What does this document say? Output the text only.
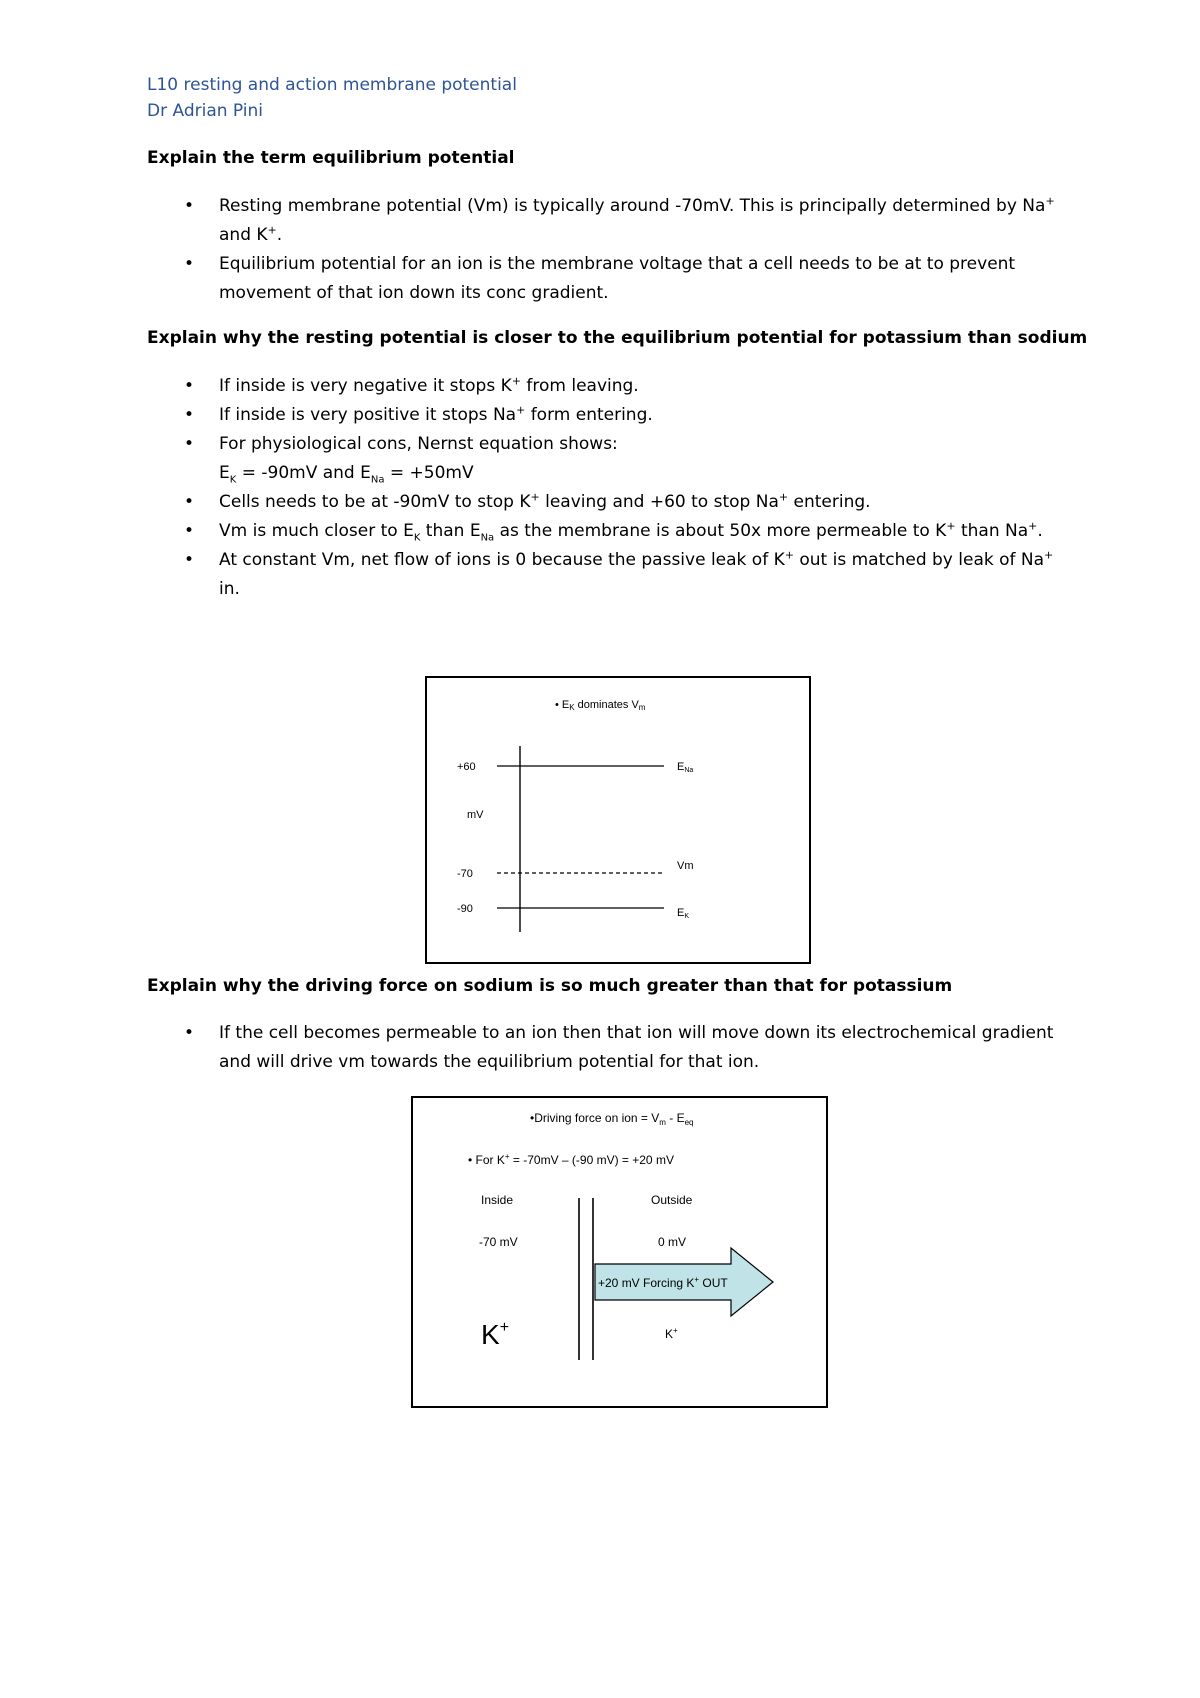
L10 resting and action membrane potential
Dr Adrian Pini
Explain the term equilibrium potential
• Resting membrane potential (Vm) is typically around -70mV. This is principally determined by Na+ and K+.
• Equilibrium potential for an ion is the membrane voltage that a cell needs to be at to prevent movement of that ion down its conc gradient.
Explain why the resting potential is closer to the equilibrium potential for potassium than sodium
• If inside is very negative it stops K+ from leaving.
• If inside is very positive it stops Na+ form entering.
• For physiological cons, Nernst equation shows:
$E_K = -90mV$ and $E_{Na} = +50mV$
• Cells needs to be at -90mV to stop K+ leaving and +60 to stop Na+ entering.
• Vm is much closer to $E_K$ than $E_{Na}$ as the membrane is about 50x more permeable to K+ than Na+.
• At constant Vm, net flow of ions is 0 because the passive leak of K+ out is matched by leak of Na+ in.
• EK dominates Vm
+60
mV
-70
-90
ENa
Vm
EK
Explain why the driving force on sodium is so much greater than that for potassium
• If the cell becomes permeable to an ion then that ion will move down its electrochemical gradient and will drive vm towards the equilibrium potential for that ion.
•Driving force on ion = $V_m - E_{eq}$
• For K+ = -70mV – (-90 mV) = +20 mV
Inside	Outside
-70 mV	0 mV
+20 mV Forcing K+ OUT
K+	K+
